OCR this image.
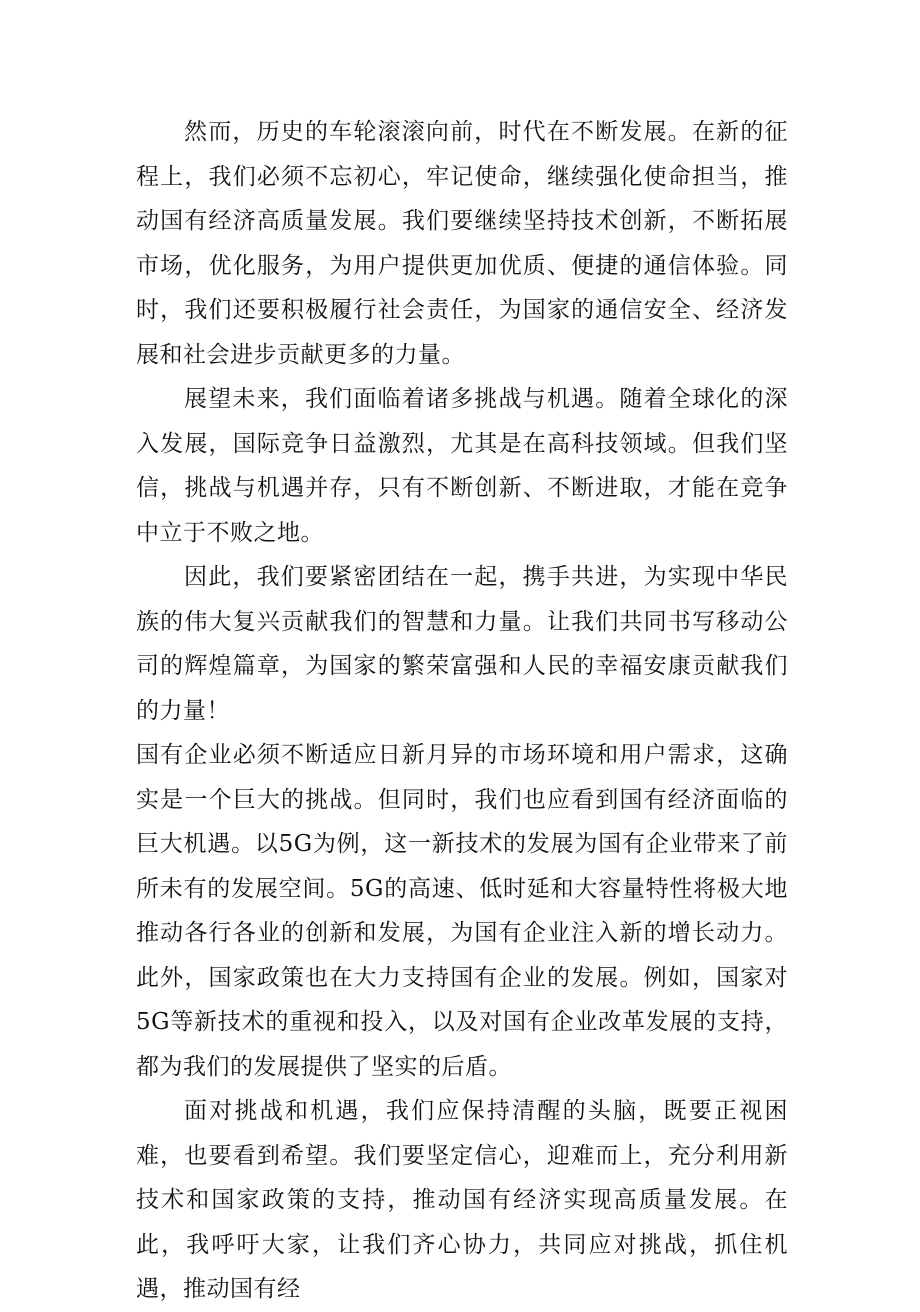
然而，历史的车轮滚滚向前，时代在不断发展。在新的征程上，我们必须不忘初心，牢记使命，继续强化使命担当，推动国有经济高质量发展。我们要继续坚持技术创新，不断拓展市场，优化服务，为用户提供更加优质、便捷的通信体验。同时，我们还要积极履行社会责任，为国家的通信安全、经济发展和社会进步贡献更多的力量。

展望未来，我们面临着诸多挑战与机遇。随着全球化的深入发展，国际竞争日益激烈，尤其是在高科技领域。但我们坚信，挑战与机遇并存，只有不断创新、不断进取，才能在竞争中立于不败之地。

因此，我们要紧密团结在一起，携手共进，为实现中华民族的伟大复兴贡献我们的智慧和力量。让我们共同书写移动公司的辉煌篇章，为国家的繁荣富强和人民的幸福安康贡献我们的力量！

国有企业必须不断适应日新月异的市场环境和用户需求，这确实是一个巨大的挑战。但同时，我们也应看到国有经济面临的巨大机遇。以5G为例，这一新技术的发展为国有企业带来了前所未有的发展空间。5G的高速、低时延和大容量特性将极大地推动各行各业的创新和发展，为国有企业注入新的增长动力。此外，国家政策也在大力支持国有企业的发展。例如，国家对5G等新技术的重视和投入，以及对国有企业改革发展的支持，都为我们的发展提供了坚实的后盾。

面对挑战和机遇，我们应保持清醒的头脑，既要正视困难，也要看到希望。我们要坚定信心，迎难而上，充分利用新技术和国家政策的支持，推动国有经济实现高质量发展。在此，我呼吁大家，让我们齐心协力，共同应对挑战，抓住机遇，推动国有经
